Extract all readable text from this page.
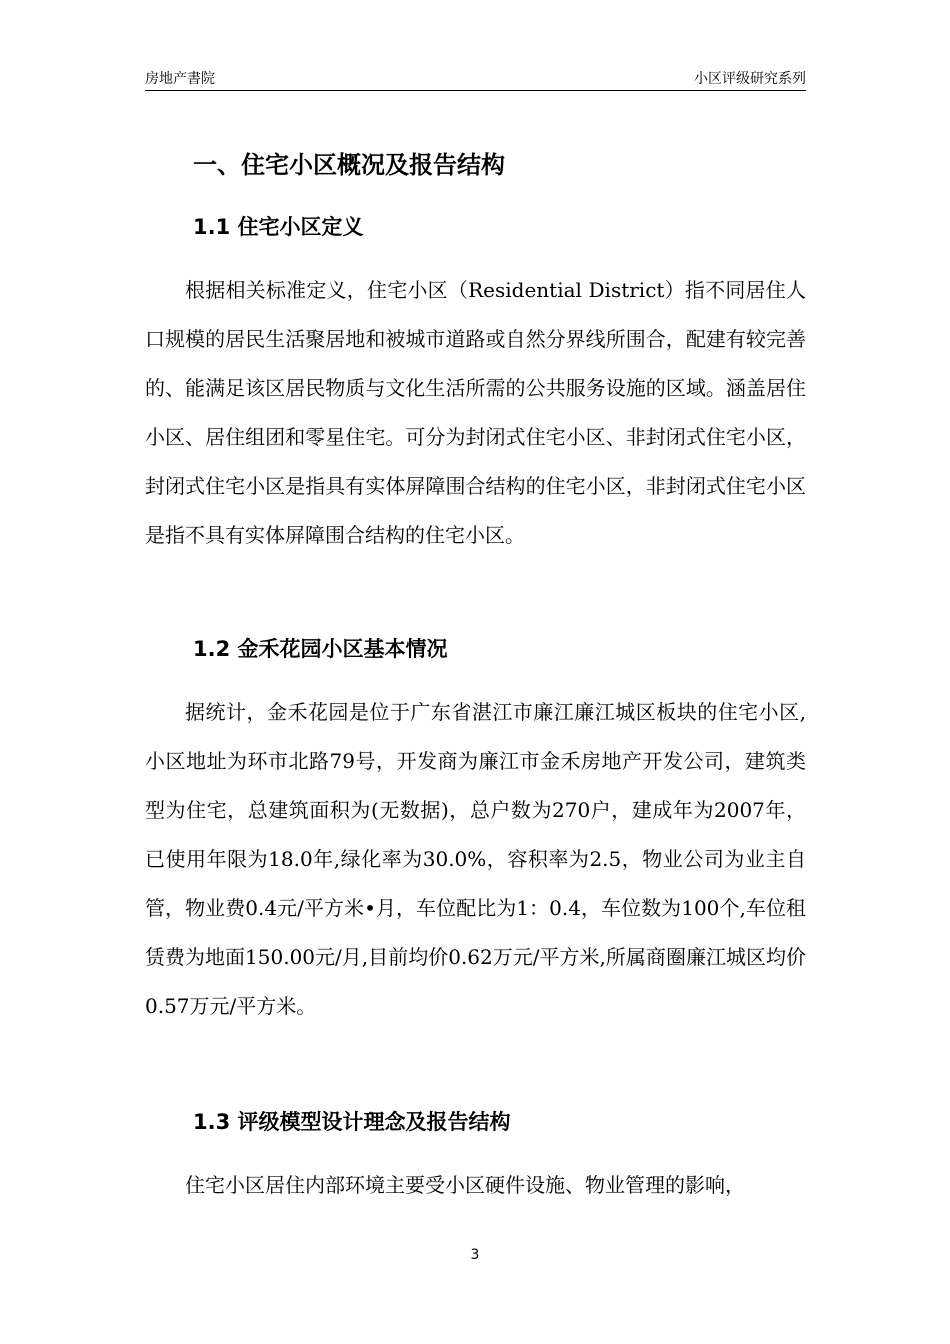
房地产書院	小区评级研究系列
一、住宅小区概况及报告结构
1.1 住宅小区定义

根据相关标准定义，住宅小区（Residential District）指不同居住人口规模的居民生活聚居地和被城市道路或自然分界线所围合，配建有较完善的、能满足该区居民物质与文化生活所需的公共服务设施的区域。涵盖居住小区、居住组团和零星住宅。可分为封闭式住宅小区、非封闭式住宅小区，封闭式住宅小区是指具有实体屏障围合结构的住宅小区，非封闭式住宅小区是指不具有实体屏障围合结构的住宅小区。

1.2 金禾花园小区基本情况

据统计，金禾花园是位于广东省湛江市廉江廉江城区板块的住宅小区,小区地址为环市北路79号，开发商为廉江市金禾房地产开发公司，建筑类型为住宅，总建筑面积为(无数据)，总户数为270户，建成年为2007年，已使用年限为18.0年,绿化率为30.0%，容积率为2.5，物业公司为业主自管，物业费0.4元/平方米•月，车位配比为1：0.4，车位数为100个,车位租赁费为地面150.00元/月,目前均价0.62万元/平方米,所属商圈廉江城区均价0.57万元/平方米。

1.3 评级模型设计理念及报告结构

住宅小区居住内部环境主要受小区硬件设施、物业管理的影响，

3
